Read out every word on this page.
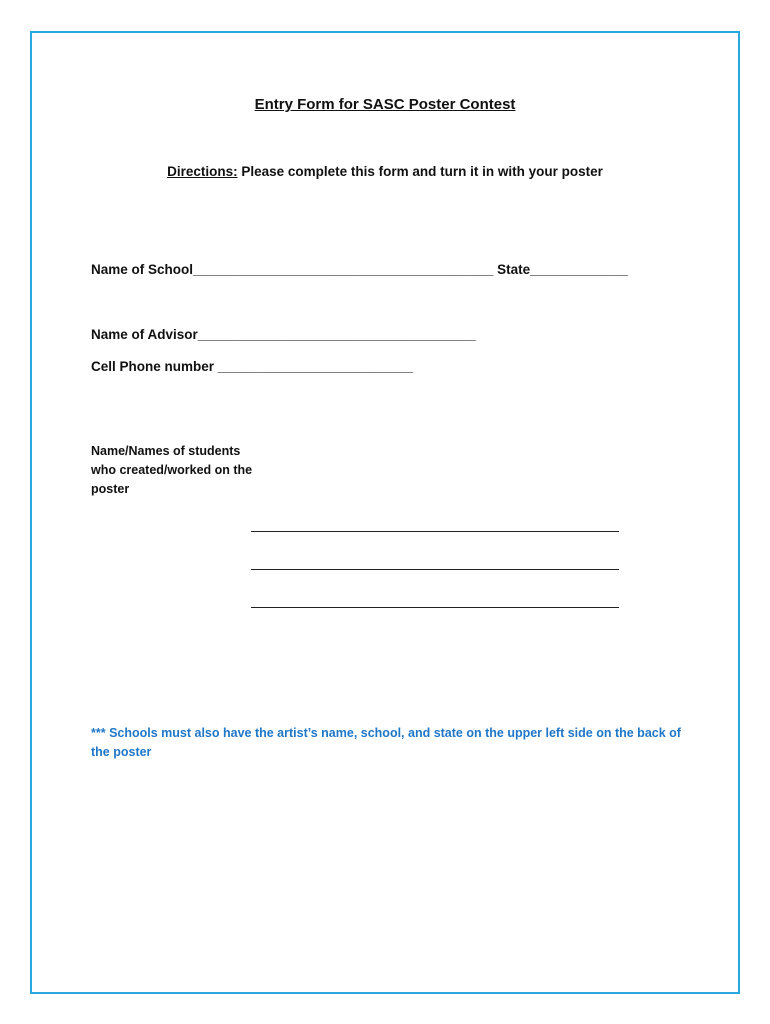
Entry Form for SASC Poster Contest
Directions: Please complete this form and turn it in with your poster
Name of School________________________________________ State_____________
Name of Advisor_____________________________________
Cell Phone number __________________________
Name/Names of students who created/worked on the poster
*** Schools must also have the artist’s name, school, and state on the upper left side on the back of the poster
